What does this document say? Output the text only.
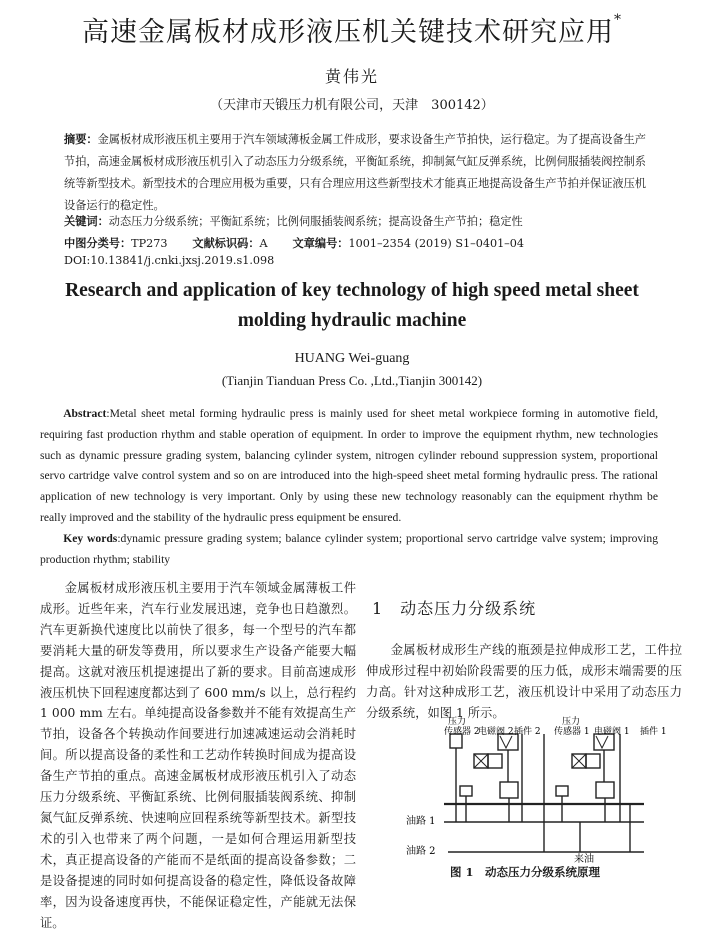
高速金属板材成形液压机关键技术研究应用*
黄伟光
（天津市天锻压力机有限公司，天津　300142）
摘要：金属板材成形液压机主要用于汽车领域薄板金属工件成形，要求设备生产节拍快，运行稳定。为了提高设备生产节拍，高速金属板材成形液压机引入了动态压力分级系统，平衡缸系统，抑制氮气缸反弹系统，比例伺服插装阀控制系统等新型技术。新型技术的合理应用极为重要，只有合理应用这些新型技术才能真正地提高设备生产节拍并保证液压机设备运行的稳定性。
关键词：动态压力分级系统；平衡缸系统；比例伺服插装阀系统；提高设备生产节拍；稳定性
中图分类号：TP273 文献标识码：A 文章编号：1001–2354 (2019) S1–0401–04
DOI:10.13841/j.cnki.jxsj.2019.s1.098
Research and application of key technology of high speed metal sheet
molding hydraulic machine
HUANG Wei-guang
(Tianjin Tianduan Press Co. ,Ltd.,Tianjin 300142)
Abstract:Metal sheet metal forming hydraulic press is mainly used for sheet metal workpiece forming in automotive field, requiring fast production rhythm and stable operation of equipment. In order to improve the equipment rhythm, new technologies such as dynamic pressure grading system, balancing cylinder system, nitrogen cylinder rebound suppression system, proportional servo cartridge valve control system and so on are introduced into the high-speed sheet metal forming hydraulic press. The rational application of new technology is very important. Only by using these new technology reasonably can the equipment rhythm be really improved and the stability of the hydraulic press equipment be ensured.
Key words:dynamic pressure grading system; balance cylinder system; proportional servo cartridge valve system; improving production rhythm; stability
金属板材成形液压机主要用于汽车领域金属薄板工件成形。近些年来，汽车行业发展迅速，竞争也日趋激烈。汽车更新换代速度比以前快了很多，每一个型号的汽车都要消耗大量的研发等费用，所以要求生产设备产能要大幅提高。这就对液压机提速提出了新的要求。目前高速成形液压机快下回程速度都达到了 600 mm/s 以上，总行程约 1 000 mm 左右。单纯提高设备参数并不能有效提高生产节拍，设备各个转换动作间要进行加速减速运动会消耗时间。所以提高设备的柔性和工艺动作转换时间成为提高设备生产节拍的重点。高速金属板材成形液压机引入了动态压力分级系统、平衡缸系统、比例伺服插装阀系统、抑制氮气缸反弹系统、快速响应回程系统等新型技术。新型技术的引入也带来了两个问题，一是如何合理运用新型技术，真正提高设备的产能而不是纸面的提高设备参数；二是设备提速的同时如何提高设备的稳定性，降低设备故障率，因为设备速度再快，不能保证稳定性，产能就无法保证。
1　动态压力分级系统
金属板材成形生产线的瓶颈是拉伸成形工艺，工件拉伸成形过程中初始阶段需要的压力低，成形末端需要的压力高。针对这种成形工艺，液压机设计中采用了动态压力分级系统，如图 1 所示。
压力
传感器 2
电磁阀 2 插件 2
压力
传感器 1 电磁阀 1 插件 1
油路 1
油路 2
来油
图 1　动态压力分级系统原理
